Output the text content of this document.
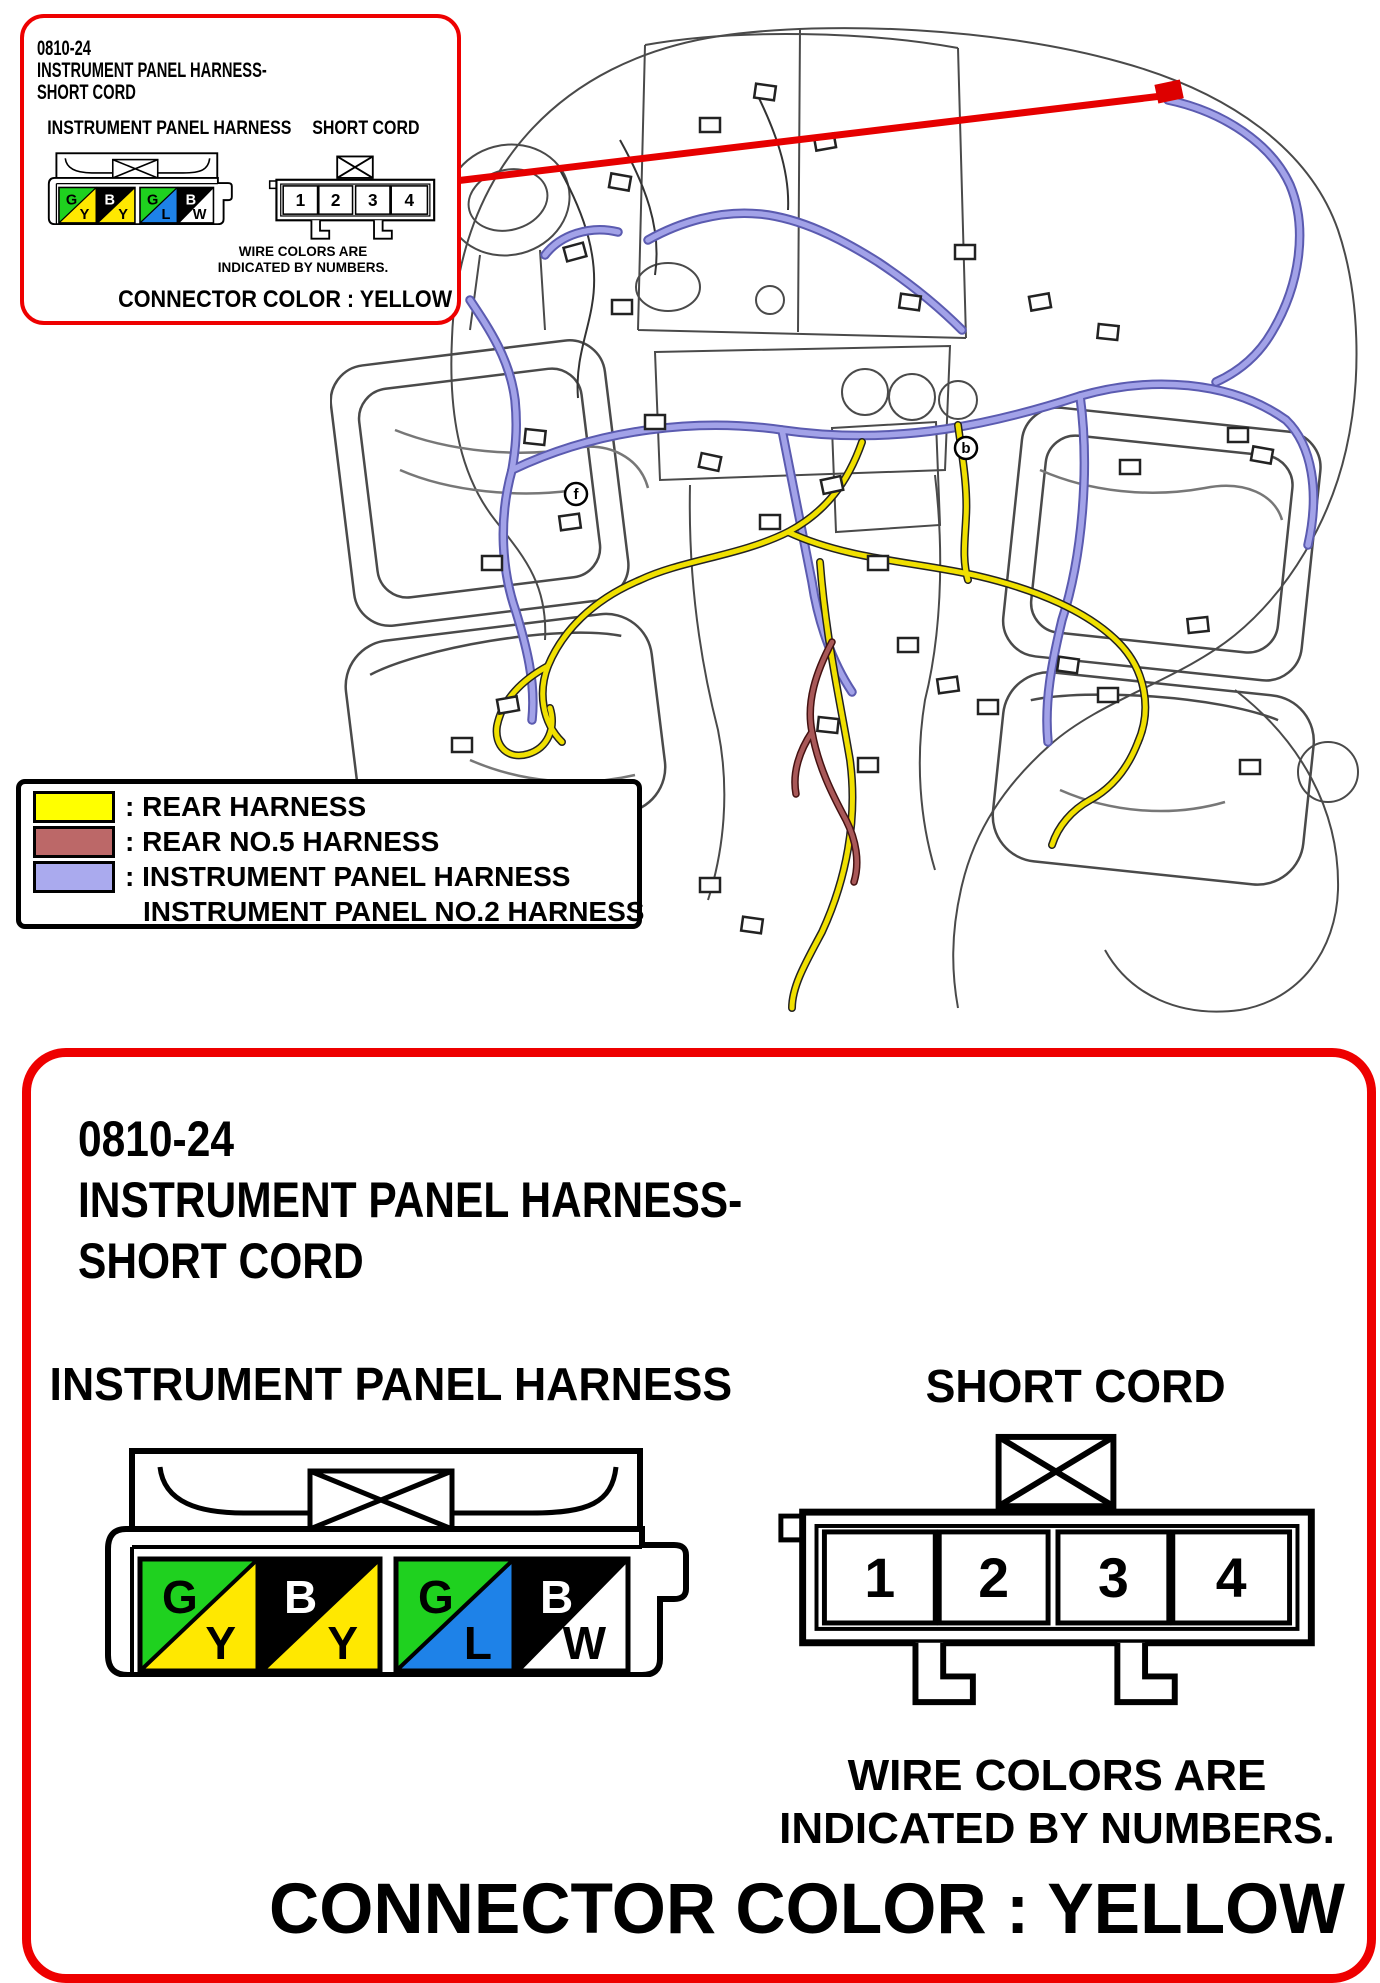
b
f
0810-24
INSTRUMENT PANEL HARNESS-
SHORT CORD
INSTRUMENT PANEL HARNESS	SHORT CORD
G
Y
B
Y
G
L
B
W
1 2 3 4
WIRE COLORS ARE
INDICATED BY NUMBERS.
CONNECTOR COLOR : YELLOW
: REAR HARNESS
: REAR NO.5 HARNESS
: INSTRUMENT PANEL HARNESS
INSTRUMENT PANEL NO.2 HARNESS
0810-24
INSTRUMENT PANEL HARNESS-
SHORT CORD
INSTRUMENT PANEL HARNESS	SHORT CORD
G
Y
B
Y
G
L
B
W
1 2 3 4
WIRE COLORS ARE
INDICATED BY NUMBERS.
CONNECTOR COLOR : YELLOW
